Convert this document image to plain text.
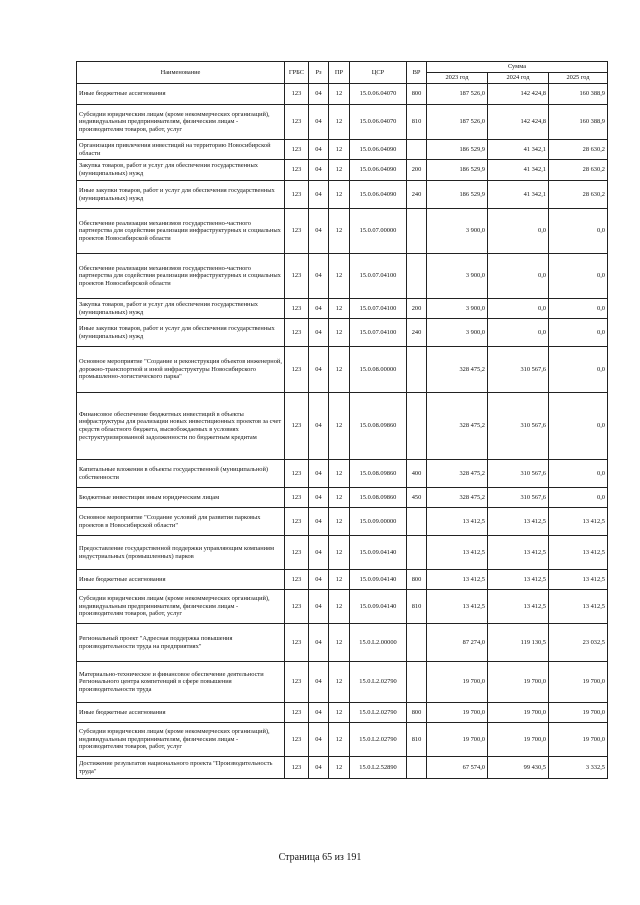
Наименование	ГРБС	Рз	ПР	ЦСР	ВР	Сумма		
						2023 год	2024 год	2025 год
Иные бюджетные ассигнования	123	04	12	15.0.06.04070	800	187 526,0	142 424,8	160 388,9
Субсидии юридическим лицам (кроме некоммерческих организаций), индивидуальным предпринимателям, физическим лицам - производителям товаров, работ, услуг	123	04	12	15.0.06.04070	810	187 526,0	142 424,8	160 388,9
Организация привлечения инвестиций на территорию Новосибирской области	123	04	12	15.0.06.04090		186 529,9	41 342,1	28 630,2
Закупка товаров, работ и услуг для обеспечения государственных (муниципальных) нужд	123	04	12	15.0.06.04090	200	186 529,9	41 342,1	28 630,2
Иные закупки товаров, работ и услуг для обеспечения государственных (муниципальных) нужд	123	04	12	15.0.06.04090	240	186 529,9	41 342,1	28 630,2
Обеспечение реализации механизмов государственно-частного партнерства для содействия реализации инфраструктурных и социальных проектов Новосибирской области	123	04	12	15.0.07.00000		3 900,0	0,0	0,0
Обеспечение реализации механизмов государственно-частного партнерства для содействия реализации инфраструктурных и социальных проектов Новосибирской области	123	04	12	15.0.07.04100		3 900,0	0,0	0,0
Закупка товаров, работ и услуг для обеспечения государственных (муниципальных) нужд	123	04	12	15.0.07.04100	200	3 900,0	0,0	0,0
Иные закупки товаров, работ и услуг для обеспечения государственных (муниципальных) нужд	123	04	12	15.0.07.04100	240	3 900,0	0,0	0,0
Основное мероприятие "Создание и реконструкция объектов инженерной, дорожно-транспортной и иной инфраструктуры Новосибирского промышленно-логистического парка"	123	04	12	15.0.08.00000		328 475,2	310 567,6	0,0
Финансовое обеспечение бюджетных инвестиций в объекты инфраструктуры для реализации новых инвестиционных проектов за счет средств областного бюджета, высвобождаемых в условиях реструктуризированной задолженности по бюджетным кредитам	123	04	12	15.0.08.09860		328 475,2	310 567,6	0,0
Капитальные вложения в объекты государственной (муниципальной) собственности	123	04	12	15.0.08.09860	400	328 475,2	310 567,6	0,0
Бюджетные инвестиции иным юридическим лицам	123	04	12	15.0.08.09860	450	328 475,2	310 567,6	0,0
Основное мероприятие "Создание условий для развития парковых проектов в Новосибирской области"	123	04	12	15.0.09.00000		13 412,5	13 412,5	13 412,5
Предоставление государственной поддержки управляющим компаниям индустриальных (промышленных) парков	123	04	12	15.0.09.04140		13 412,5	13 412,5	13 412,5
Иные бюджетные ассигнования	123	04	12	15.0.09.04140	800	13 412,5	13 412,5	13 412,5
Субсидии юридическим лицам (кроме некоммерческих организаций), индивидуальным предпринимателям, физическим лицам - производителям товаров, работ, услуг	123	04	12	15.0.09.04140	810	13 412,5	13 412,5	13 412,5
Региональный проект "Адресная поддержка повышения производительности труда на предприятиях"	123	04	12	15.0.L2.00000		87 274,0	119 130,5	23 032,5
Материально-техническое и финансовое обеспечение деятельности Регионального центра компетенций в сфере повышения производительности труда	123	04	12	15.0.L2.02790		19 700,0	19 700,0	19 700,0
Иные бюджетные ассигнования	123	04	12	15.0.L2.02790	800	19 700,0	19 700,0	19 700,0
Субсидии юридическим лицам (кроме некоммерческих организаций), индивидуальным предпринимателям, физическим лицам - производителям товаров, работ, услуг	123	04	12	15.0.L2.02790	810	19 700,0	19 700,0	19 700,0
Достижение результатов национального проекта "Производительность труда"	123	04	12	15.0.L2.52890		67 574,0	99 430,5	3 332,5
Страница 65 из 191
